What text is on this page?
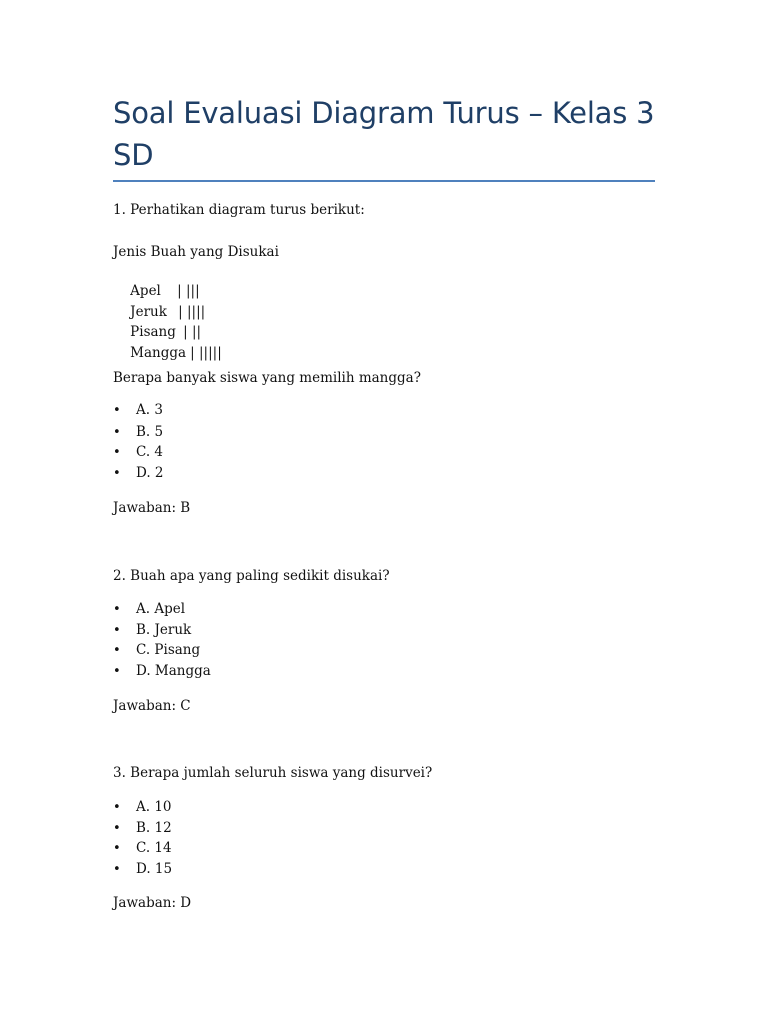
Soal Evaluasi Diagram Turus – Kelas 3 SD
1. Perhatikan diagram turus berikut:
Jenis Buah yang Disukai

Apel | |||

Jeruk | ||||

Pisang | ||

Mangga | |||||

Berapa banyak siswa yang memilih mangga?
• A. 3
• B. 5
• C. 4
• D. 2
Jawaban: B
2. Buah apa yang paling sedikit disukai?
• A. Apel
• B. Jeruk
• C. Pisang
• D. Mangga
Jawaban: C
3. Berapa jumlah seluruh siswa yang disurvei?
• A. 10
• B. 12
• C. 14
• D. 15
Jawaban: D
